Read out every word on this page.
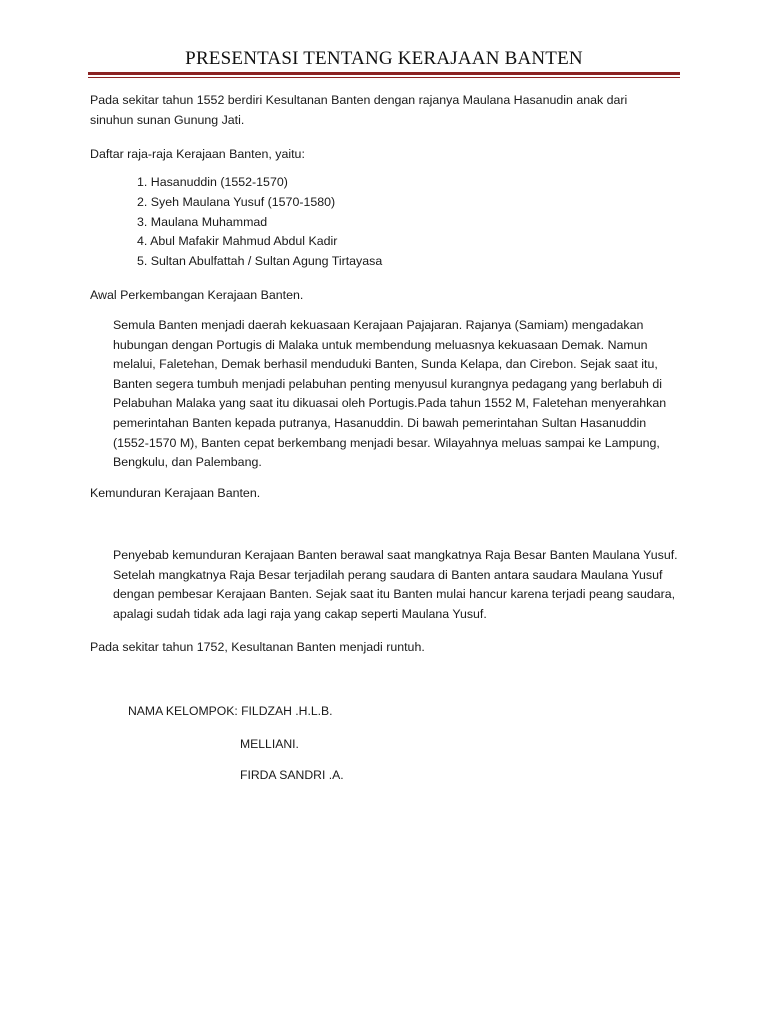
PRESENTASI TENTANG KERAJAAN BANTEN

Pada sekitar tahun 1552 berdiri Kesultanan Banten dengan rajanya Maulana Hasanudin anak dari sinuhun sunan Gunung Jati.

Daftar raja-raja Kerajaan Banten, yaitu:

1. Hasanuddin (1552-1570)
2. Syeh Maulana Yusuf (1570-1580)
3. Maulana Muhammad
4. Abul Mafakir Mahmud Abdul Kadir
5. Sultan Abulfattah / Sultan Agung Tirtayasa

Awal Perkembangan Kerajaan Banten.

Semula Banten menjadi daerah kekuasaan Kerajaan Pajajaran. Rajanya (Samiam) mengadakan hubungan dengan Portugis di Malaka untuk membendung meluasnya kekuasaan Demak. Namun melalui, Faletehan, Demak berhasil menduduki Banten, Sunda Kelapa, dan Cirebon. Sejak saat itu, Banten segera tumbuh menjadi pelabuhan penting menyusul kurangnya pedagang yang berlabuh di Pelabuhan Malaka yang saat itu dikuasai oleh Portugis.Pada tahun 1552 M, Faletehan menyerahkan pemerintahan Banten kepada putranya, Hasanuddin. Di bawah pemerintahan Sultan Hasanuddin (1552-1570 M), Banten cepat berkembang menjadi besar. Wilayahnya meluas sampai ke Lampung, Bengkulu, dan Palembang.

Kemunduran Kerajaan Banten.

Penyebab kemunduran Kerajaan Banten berawal saat mangkatnya Raja Besar Banten Maulana Yusuf. Setelah mangkatnya Raja Besar terjadilah perang saudara di Banten antara saudara Maulana Yusuf dengan pembesar Kerajaan Banten. Sejak saat itu Banten mulai hancur karena terjadi peang saudara, apalagi sudah tidak ada lagi raja yang cakap seperti Maulana Yusuf.

Pada sekitar tahun 1752, Kesultanan Banten menjadi runtuh.

NAMA KELOMPOK: FILDZAH .H.L.B.
MELLIANI.
FIRDA SANDRI .A.
